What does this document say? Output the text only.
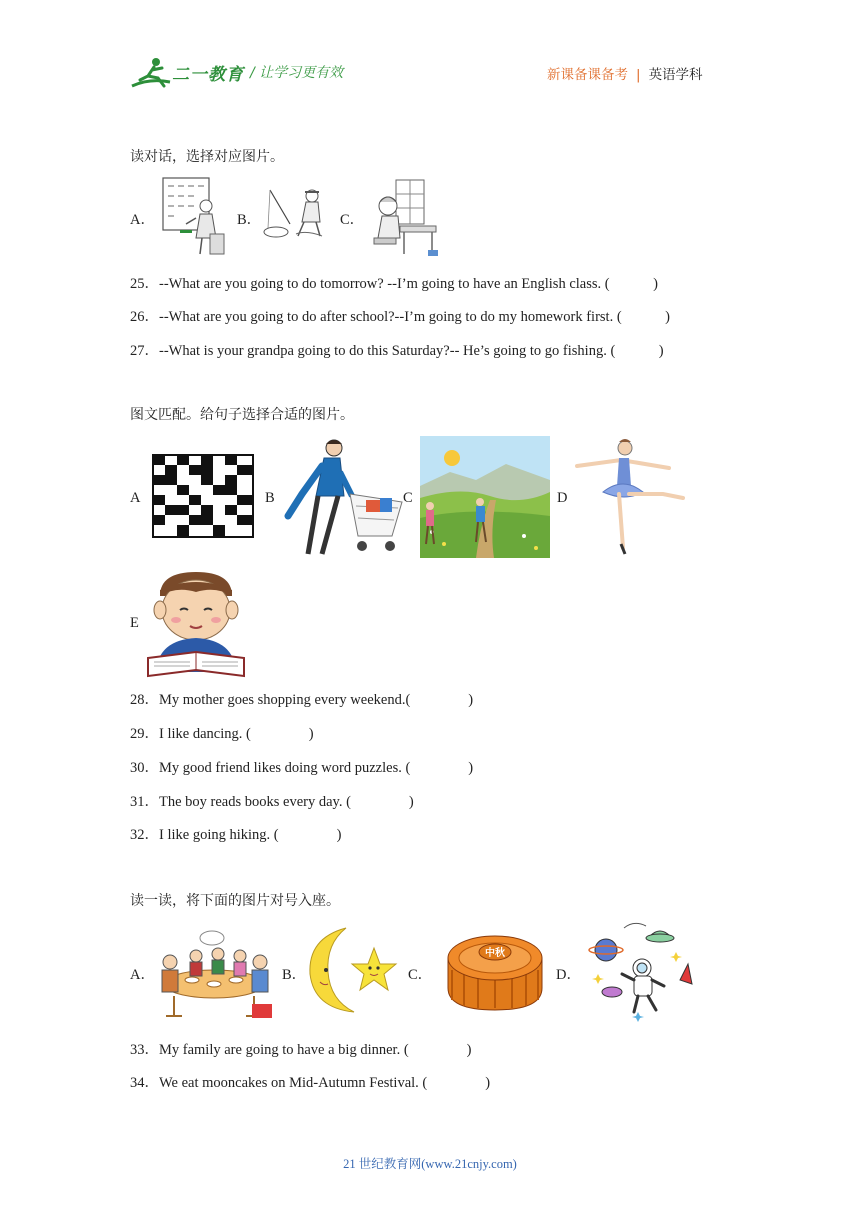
二一教育 / 让学习更有效	新课备课备考 | 英语学科
读对话，选择对应图片。
A．	B．	C．
25．--What are you going to do tomorrow? --I’m going to have an English class. (　　　)
26．--What are you going to do after school?--I’m going to do my homework first. (　　　)
27．--What is your grandpa going to do this Saturday?-- He’s going to go fishing. (　　　)
图文匹配。给句子选择合适的图片。
A	B	C	D
E
28．My mother goes shopping every weekend.(　　　　)
29．I like dancing. (　　　　)
30．My good friend likes doing word puzzles. (　　　　)
31．The boy reads books every day. (　　　　)
32．I like going hiking. (　　　　)
读一读，将下面的图片对号入座。
A．	B．	C．
中秋
D．
33．My family are going to have a big dinner. (　　　　)
34．We eat mooncakes on Mid-Autumn Festival. (　　　　)
21 世纪教育网(www.21cnjy.com)
